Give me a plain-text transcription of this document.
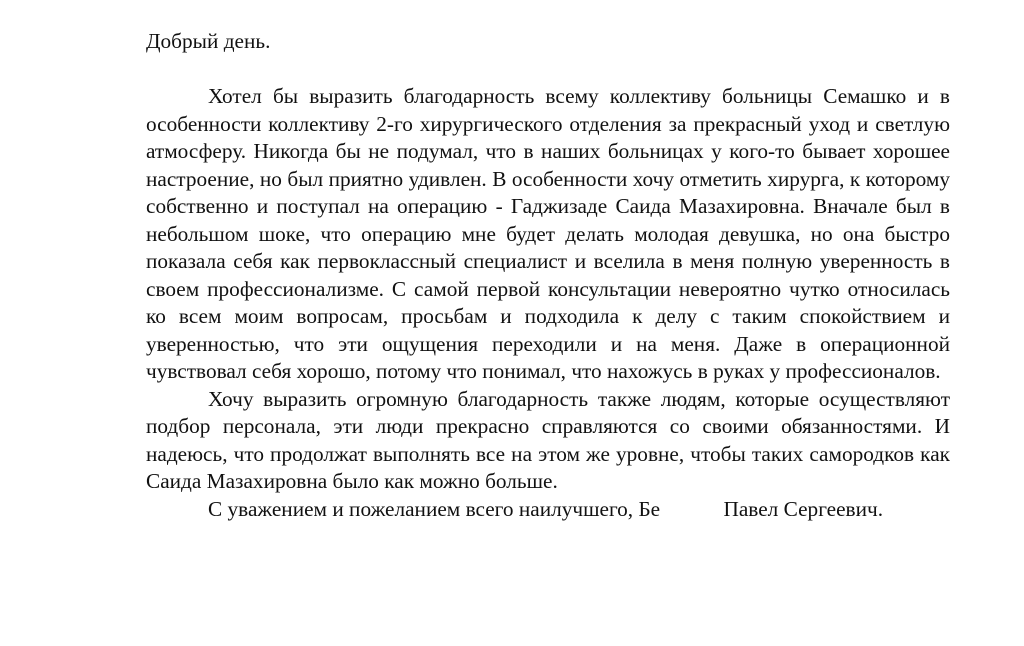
Добрый день.

Хотел бы выразить благодарность всему коллективу больницы Семашко и в особенности коллективу 2-го хирургического отделения за прекрасный уход и светлую атмосферу. Никогда бы не подумал, что в наших больницах у кого-то бывает хорошее настроение, но был приятно удивлен. В особенности хочу отметить хирурга, к которому собственно и поступал на операцию - Гаджизаде Саида Мазахировна. Вначале был в небольшом шоке, что операцию мне будет делать молодая девушка, но она быстро показала себя как первоклассный специалист и вселила в меня полную уверенность в своем профессионализме. С самой первой консультации невероятно чутко относилась ко всем моим вопросам, просьбам и подходила к делу с таким спокойствием и уверенностью, что эти ощущения переходили и на меня. Даже в операционной чувствовал себя хорошо, потому что понимал, что нахожусь в руках у профессионалов.

Хочу выразить огромную благодарность также людям, которые осуществляют подбор персонала, эти люди прекрасно справляются со своими обязанностями. И надеюсь, что продолжат выполнять все на этом же уровне, чтобы таких самородков как Саида Мазахировна было как можно больше.

С уважением и пожеланием всего наилучшего, Бе	Павел Сергеевич.
